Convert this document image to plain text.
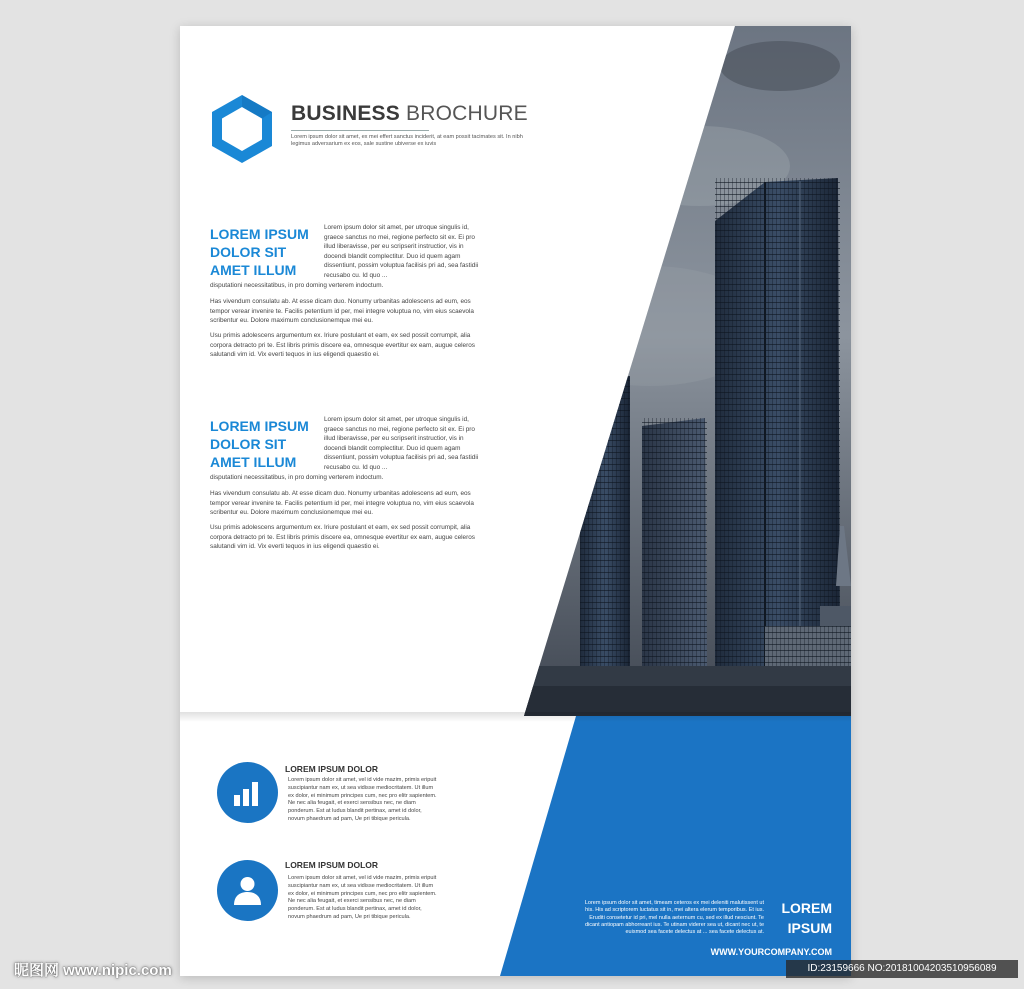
BUSINESS BROCHURE
Lorem ipsum dolor sit amet, ex mei effert sanctus inciderit, at eam possit tacimates sit. In nibh legimus adversarium ex eos, sale sustine ubiverse ex iuvis
LOREM IPSUM
DOLOR SIT
AMET ILLUM
Lorem ipsum dolor sit amet, per utroque singulis id, graece sanctus no mei, regione perfecto sit ex. Ei pro illud liberavisse, per eu scripserit instructior, vis in docendi blandit complectitur. Duo id quem agam dissentiunt, possim voluptua facilisis pri ad, sea fastidii recusabo cu. Id quo ...
disputationi necessitatibus, in pro doming verterem indoctum.
Has vivendum consulatu ab. At esse dicam duo. Nonumy urbanitas adolescens ad eum, eos tempor verear invenire te. Facilis petentium id per, mei integre voluptua no, vim eius scaevola scribentur eu. Dolore maximum conclusionemque mei eu.
Usu primis adolescens argumentum ex. Iriure postulant et eam, ex sed possit corrumpit, alia corpora detracto pri te. Est libris primis discere ea, omnesque evertitur ex eam, augue celeros salutandi vim id. Vix everti tequos in ius eligendi quaestio ei.
LOREM IPSUM
DOLOR SIT
AMET ILLUM
Lorem ipsum dolor sit amet, per utroque singulis id, graece sanctus no mei, regione perfecto sit ex. Ei pro illud liberavisse, per eu scripserit instructior, vis in docendi blandit complectitur. Duo id quem agam dissentiunt, possim voluptua facilisis pri ad, sea fastidii recusabo cu. Id quo ...
disputationi necessitatibus, in pro doming verterem indoctum.
Has vivendum consulatu ab. At esse dicam duo. Nonumy urbanitas adolescens ad eum, eos tempor verear invenire te. Facilis petentium id per, mei integre voluptua no, vim eius scaevola scribentur eu. Dolore maximum conclusionemque mei eu.
Usu primis adolescens argumentum ex. Iriure postulant et eam, ex sed possit corrumpit, alia corpora detracto pri te. Est libris primis discere ea, omnesque evertitur ex eam, augue celeros salutandi vim id. Vix everti tequos in ius eligendi quaestio ei.
LOREM IPSUM DOLOR
Lorem ipsum dolor sit amet, vel id vide mazim, primis eripuit suscipiantur nam ex, ut sea vidisse mediocritatem. Ut illum ex dolor, ei minimum principes cum, nec pro elitr sapientem. Ne nec alia feugait, et exerci sensibus nec, ne diam ponderum. Est at ludus blandit pertinax, amet id dolor, novum phaedrum ad pam, Ue pri tibique pericula.
LOREM IPSUM DOLOR
Lorem ipsum dolor sit amet, vel id vide mazim, primis eripuit suscipiantur nam ex, ut sea vidisse mediocritatem. Ut illum ex dolor, ei minimum principes cum, nec pro elitr sapientem. Ne nec alia feugait, et exerci sensibus nec, ne diam ponderum. Est at ludus blandit pertinax, amet id dolor, novum phaedrum ad pam, Ue pri tibique pericula.
Lorem ipsum dolor sit amet, timeam ceteros ex mei deleniti malutissent ut his. His ad scriptorem luctatus sit in, mei altera elerum temporibus. Et ius. Eruditi consetetur id pri, mel nulla aeternum cu, sed ex illud nesciunt. Te dicant antiopam abhorreant ius. Te utinam viderer sea ut, dicant nec ut, te euismod sea facete delectus at ... sea facete delectus at.
LOREM
IPSUM
WWW.YOURCOMPANY.COM
昵图网 www.nipic.com	ID:23159666 NO:20181004203510956089
